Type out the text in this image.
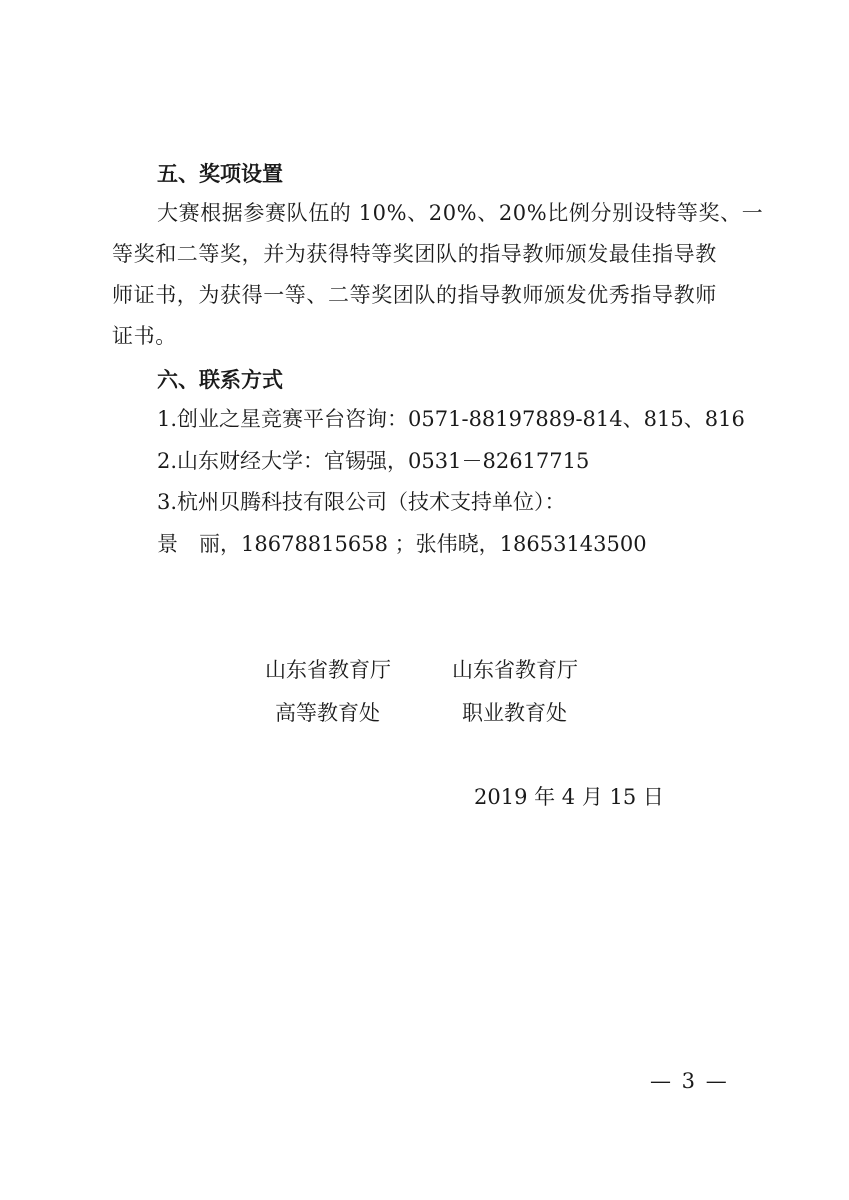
五、奖项设置
大赛根据参赛队伍的 10%、20%、20%比例分别设特等奖、一
等奖和二等奖，并为获得特等奖团队的指导教师颁发最佳指导教
师证书，为获得一等、二等奖团队的指导教师颁发优秀指导教师
证书。
六、联系方式
1.创业之星竞赛平台咨询：0571-88197889-814、815、816
2.山东财经大学：官锡强，0531－82617715
3.杭州贝腾科技有限公司（技术支持单位）：
景　丽，18678815658 ；张伟晓，18653143500
山东省教育厅	山东省教育厅
高等教育处	职业教育处
2019 年 4 月 15 日
— 3 —
